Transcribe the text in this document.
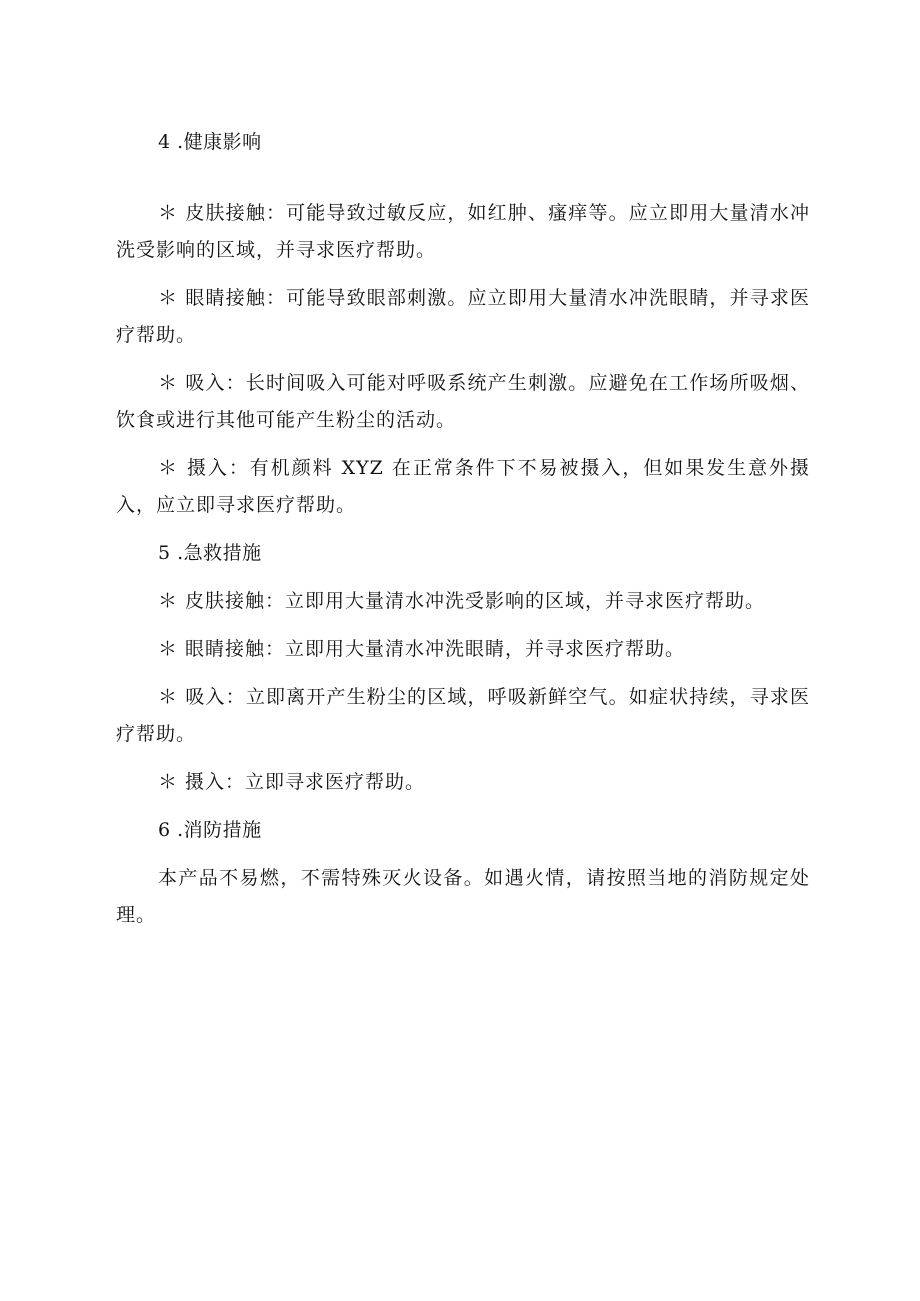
4 .健康影响

＊ 皮肤接触：可能导致过敏反应，如红肿、瘙痒等。应立即用大量清水冲洗受影响的区域，并寻求医疗帮助。

＊ 眼睛接触：可能导致眼部刺激。应立即用大量清水冲洗眼睛，并寻求医疗帮助。

＊ 吸入：长时间吸入可能对呼吸系统产生刺激。应避免在工作场所吸烟、饮食或进行其他可能产生粉尘的活动。

＊ 摄入：有机颜料 XYZ 在正常条件下不易被摄入，但如果发生意外摄入，应立即寻求医疗帮助。

5 .急救措施

＊ 皮肤接触：立即用大量清水冲洗受影响的区域，并寻求医疗帮助。

＊ 眼睛接触：立即用大量清水冲洗眼睛，并寻求医疗帮助。

＊ 吸入：立即离开产生粉尘的区域，呼吸新鲜空气。如症状持续，寻求医疗帮助。

＊ 摄入：立即寻求医疗帮助。

6 .消防措施

本产品不易燃，不需特殊灭火设备。如遇火情，请按照当地的消防规定处理。
